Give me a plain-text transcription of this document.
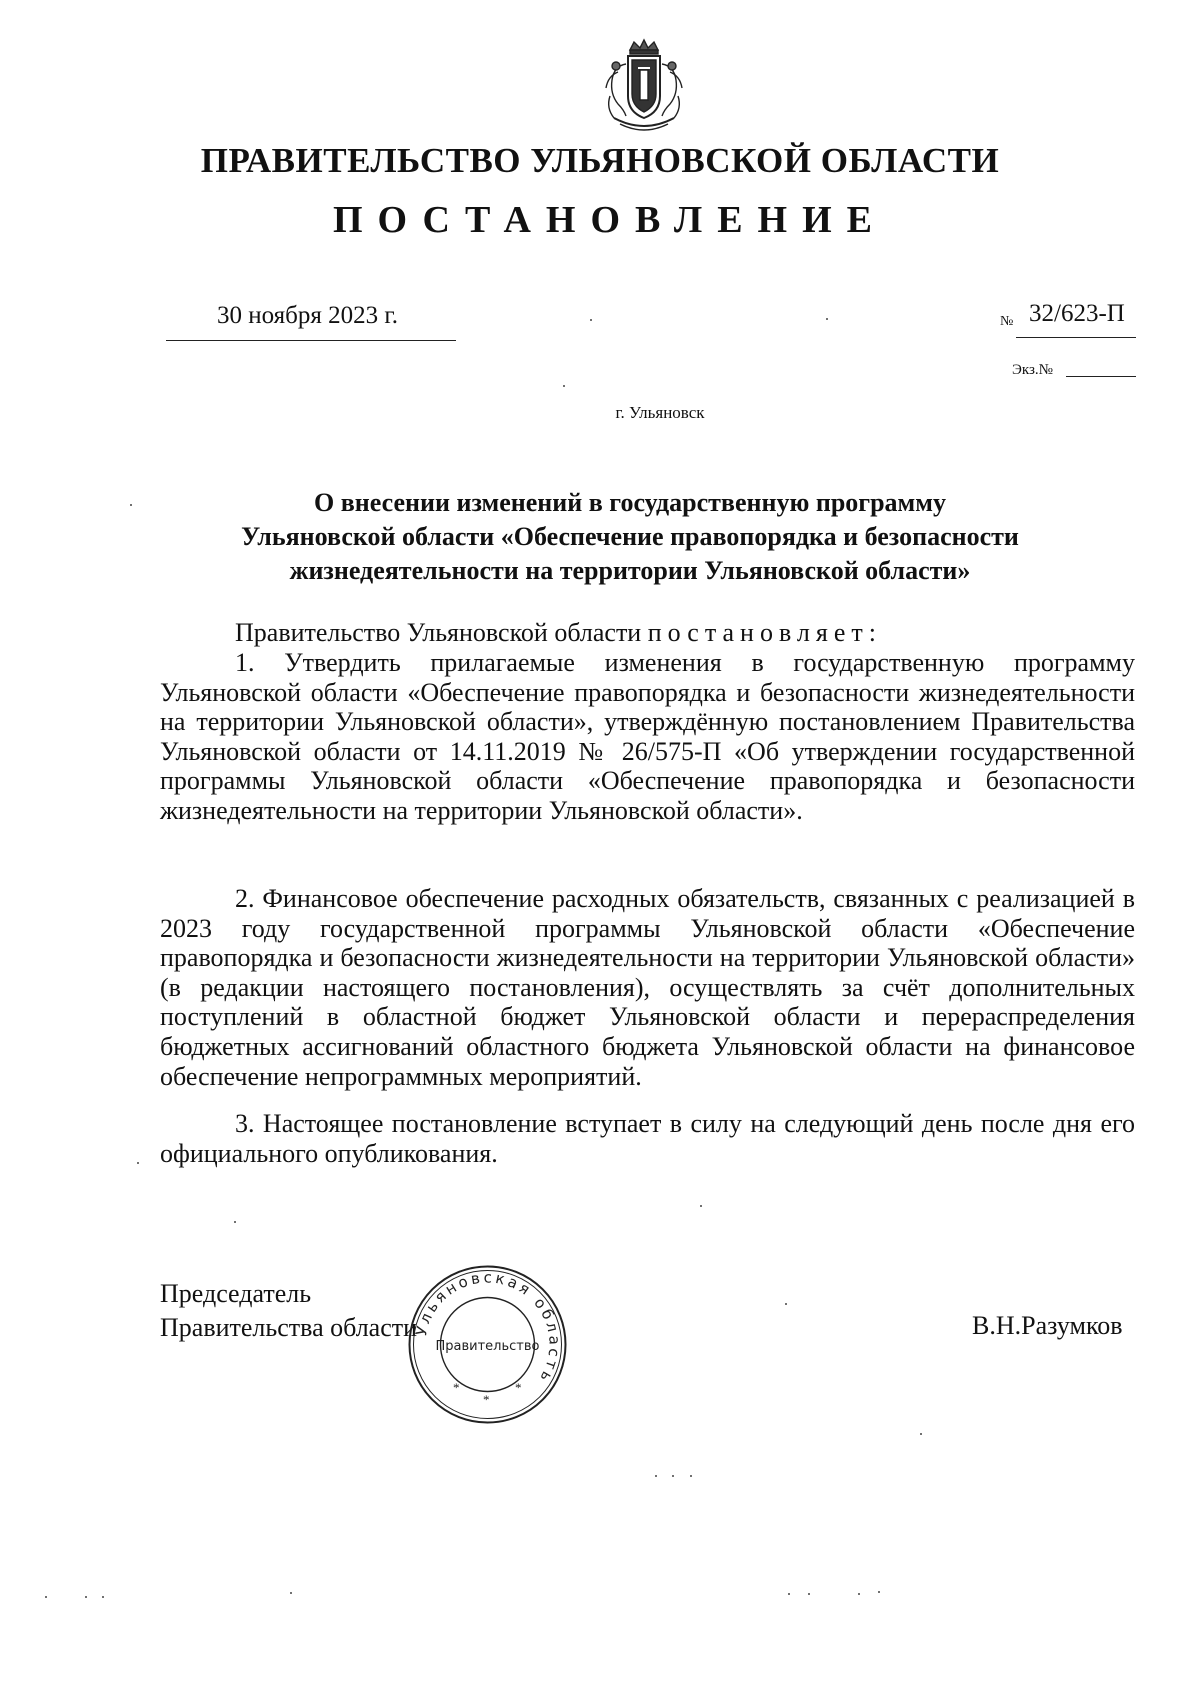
ПРАВИТЕЛЬСТВО УЛЬЯНОВСКОЙ ОБЛАСТИ
ПОСТАНОВЛЕНИЕ
30 ноября 2023 г.	№ 32/623-П
Экз.№
г. Ульяновск
О внесении изменений в государственную программу
Ульяновской области «Обеспечение правопорядка и безопасности
жизнедеятельности на территории Ульяновской области»
Правительство Ульяновской области постановляет:
1. Утвердить прилагаемые изменения в государственную программу Ульяновской области «Обеспечение правопорядка и безопасности жизнедеятельности на территории Ульяновской области», утверждённую постановлением Правительства Ульяновской области от 14.11.2019 № 26/575-П «Об утверждении государственной программы Ульяновской области «Обеспечение правопорядка и безопасности жизнедеятельности на территории Ульяновской области».
2. Финансовое обеспечение расходных обязательств, связанных с реализацией в 2023 году государственной программы Ульяновской области «Обеспечение правопорядка и безопасности жизнедеятельности на территории Ульяновской области» (в редакции настоящего постановления), осуществлять за счёт дополнительных поступлений в областной бюджет Ульяновской области и перераспределения бюджетных ассигнований областного бюджета Ульяновской области на финансовое обеспечение непрограммных мероприятий.
3. Настоящее постановление вступает в силу на следующий день после дня его официального опубликования.
Председатель
Правительства области	В.Н.Разумков
Ульяновская область
Правительство
*
*
*
